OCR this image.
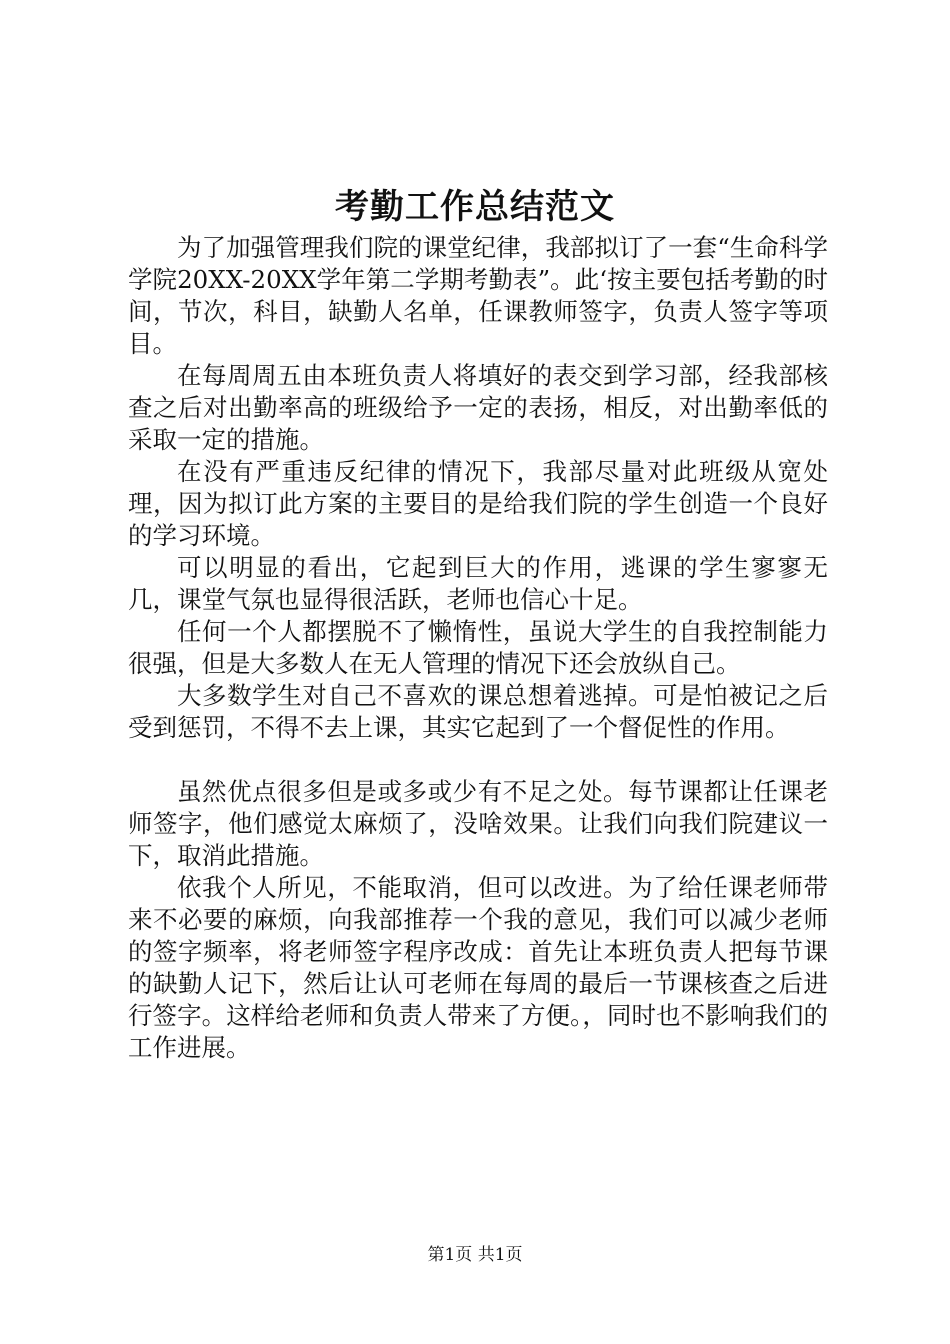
考勤工作总结范文

为了加强管理我们院的课堂纪律，我部拟订了一套“生命科学学院20XX-20XX学年第二学期考勤表”。此‘按主要包括考勤的时间，节次，科目，缺勤人名单，任课教师签字，负责人签字等项目。

在每周周五由本班负责人将填好的表交到学习部，经我部核查之后对出勤率高的班级给予一定的表扬，相反，对出勤率低的采取一定的措施。

在没有严重违反纪律的情况下，我部尽量对此班级从宽处理，因为拟订此方案的主要目的是给我们院的学生创造一个良好的学习环境。

可以明显的看出，它起到巨大的作用，逃课的学生寥寥无几，课堂气氛也显得很活跃，老师也信心十足。

任何一个人都摆脱不了懒惰性，虽说大学生的自我控制能力很强，但是大多数人在无人管理的情况下还会放纵自己。

大多数学生对自己不喜欢的课总想着逃掉。可是怕被记之后受到惩罚，不得不去上课，其实它起到了一个督促性的作用。

虽然优点很多但是或多或少有不足之处。每节课都让任课老师签字，他们感觉太麻烦了，没啥效果。让我们向我们院建议一下，取消此措施。

依我个人所见，不能取消，但可以改进。为了给任课老师带来不必要的麻烦，向我部推荐一个我的意见，我们可以减少老师的签字频率，将老师签字程序改成：首先让本班负责人把每节课的缺勤人记下，然后让认可老师在每周的最后一节课核查之后进行签字。这样给老师和负责人带来了方便。，同时也不影响我们的工作进展。

第1页 共1页
